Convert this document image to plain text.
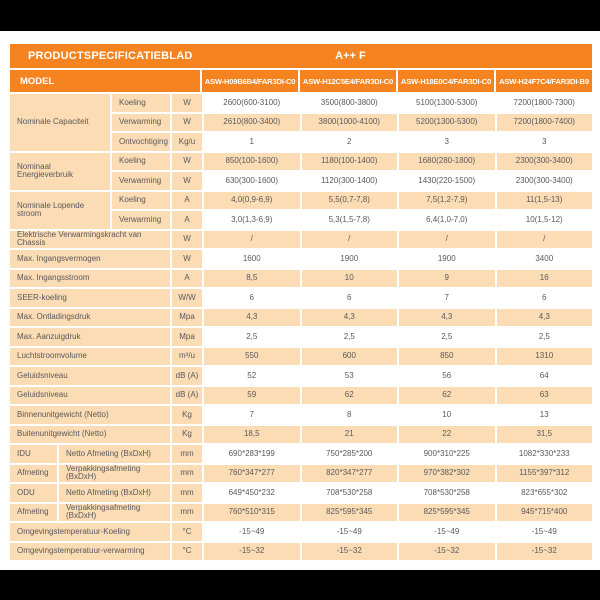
PRODUCTSPECIFICATIEBLAD	A++ F
MODEL	ASW-H09B6B4/FAR3DI-C0	ASW-H12C5E4/FAR3DI-C0	ASW-H18E0C4/FAR3DI-C0	ASW-H24F7C4/FAR3DI-B9
Nominale Capaciteit
Koeling	W	2600(600-3100)	3500(800-3800)	5100(1300-5300)	7200(1800-7300)
Verwarming	W	2610(800-3400)	3800(1000-4100)	5200(1300-5300)	7200(1800-7400)
Ontvochtiging	Kg/u	1	2	3	3
Nominaal Energieverbruik
Koeling	W	850(100-1600)	1180(100-1400)	1680(280-1800)	2300(300-3400)
Verwarming	W	630(300-1600)	1120(300-1400)	1430(220-1500)	2300(300-3400)
Nominale Lopende stroom
Koeling	A	4,0(0,9-6,9)	5,5(0,7-7,8)	7,5(1,2-7,9)	11(1,5-13)
Verwarming	A	3,0(1,3-6,9)	5,3(1,5-7,8)	6,4(1,0-7,0)	10(1,5-12)
Elektrische Verwarmingskracht van Chassis	W	/	/	/	/
Max. Ingangsvermogen	W	1600	1900	1900	3400
Max. Ingangsstroom	A	8,5	10	9	16
SEER-koeling	W/W	6	6	7	6
Max. Ontladingsdruk	Mpa	4,3	4,3	4,3	4,3
Max. Aanzuigdruk	Mpa	2,5	2,5	2,5	2,5
Luchtstroomvolume	m³/u	550	600	850	1310
Geluidsniveau	dB (A)	52	53	56	64
Geluidsniveau	dB (A)	59	62	62	63
Binnenunitgewicht (Netto)	Kg	7	8	10	13
Buitenunitgewicht (Netto)	Kg	18,5	21	22	31,5
IDU	Netto Afmeting (BxDxH)	mm	690*283*199	750*285*200	900*310*225	1082*330*233
Afmeting	Verpakkingsafmeting (BxDxH)	mm	760*347*277	820*347*277	970*382*302	1155*397*312
ODU	Netto Afmeting (BxDxH)	mm	649*450*232	708*530*258	708*530*258	823*655*302
Afmeting	Verpakkingsafmeting (BxDxH)	mm	760*510*315	825*595*345	825*595*345	945*715*400
Omgevingstemperatuur-Koeling	°C	-15~49	-15~49	-15~49	-15~49
Omgevingstemperatuur-verwarming	°C	-15~32	-15~32	-15~32	-15~32
